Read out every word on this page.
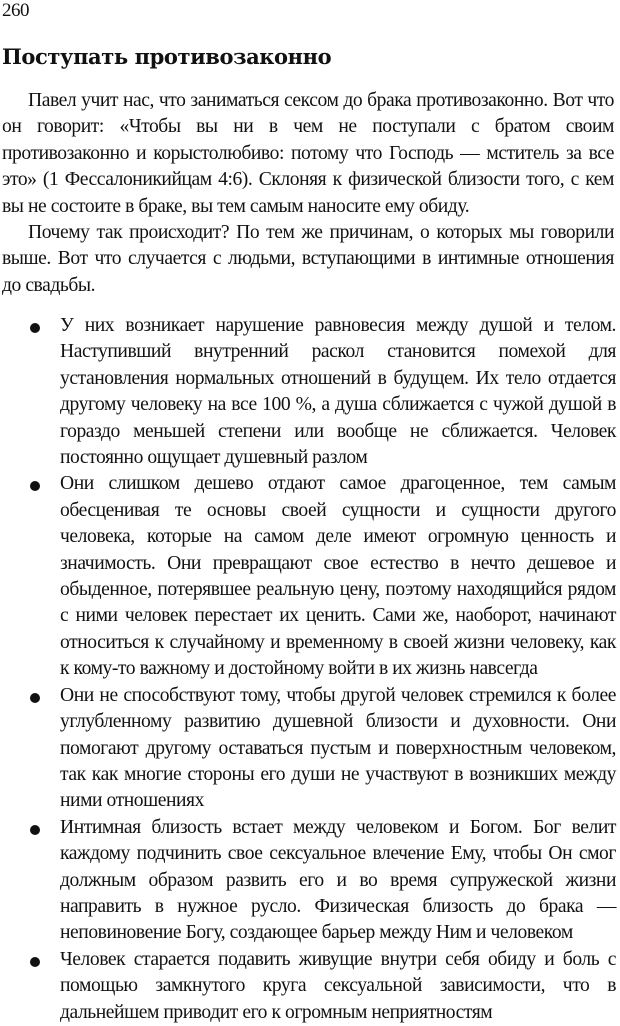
260
Поступать противозаконно

Павел учит нас, что заниматься сексом до брака противозаконно. Вот что он говорит: «Чтобы вы ни в чем не поступали с братом своим противозаконно и корыстолюбиво: потому что Господь — мститель за все это» (1 Фессалоникийцам 4:6). Склоняя к физической близости того, с кем вы не состоите в браке, вы тем самым наносите ему обиду.

Почему так происходит? По тем же причинам, о которых мы говорили выше. Вот что случается с людьми, вступающими в интимные отношения до свадьбы.

У них возникает нарушение равновесия между душой и телом. Наступивший внутренний раскол становится помехой для установления нормальных отношений в будущем. Их тело отдается другому человеку на все 100 %, а душа сближается с чужой душой в гораздо меньшей степени или вообще не сближается. Человек постоянно ощущает душевный разлом
Они слишком дешево отдают самое драгоценное, тем самым обесценивая те основы своей сущности и сущности другого человека, которые на самом деле имеют огромную ценность и значимость. Они превращают свое естество в нечто дешевое и обыденное, потерявшее реальную цену, поэтому находящийся рядом с ними человек перестает их ценить. Сами же, наоборот, начинают относиться к случайному и временному в своей жизни человеку, как к кому-то важному и достойному войти в их жизнь навсегда
Они не способствуют тому, чтобы другой человек стремился к более углубленному развитию душевной близости и духовности. Они помогают другому оставаться пустым и поверхностным человеком, так как многие стороны его души не участвуют в возникших между ними отношениях
Интимная близость встает между человеком и Богом. Бог велит каждому подчинить свое сексуальное влечение Ему, чтобы Он смог должным образом развить его и во время супружеской жизни направить в нужное русло. Физическая близость до брака — неповиновение Богу, создающее барьер между Ним и человеком
Человек старается подавить живущие внутри себя обиду и боль с помощью замкнутого круга сексуальной зависимости, что в дальнейшем приводит его к огромным неприятностям
